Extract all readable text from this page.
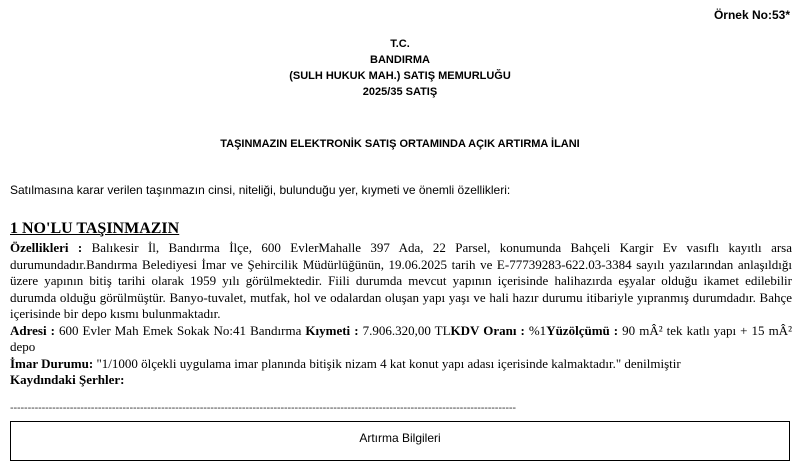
Örnek No:53*
T.C.
BANDIRMA
(SULH HUKUK MAH.) SATIŞ MEMURLUĞU
2025/35 SATIŞ
TAŞINMAZIN ELEKTRONİK SATIŞ ORTAMINDA AÇIK ARTIRMA İLANI
Satılmasına karar verilen taşınmazın cinsi, niteliği, bulunduğu yer, kıymeti ve önemli özellikleri:
1 NO'LU TAŞINMAZIN

Özellikleri : Balıkesir İl, Bandırma İlçe, 600 EvlerMahalle 397 Ada, 22 Parsel, konumunda Bahçeli Kargir Ev vasıflı kayıtlı arsa durumundadır.Bandırma Belediyesi İmar ve Şehircilik Müdürlüğünün, 19.06.2025 tarih ve E-77739283-622.03-3384 sayılı yazılarından anlaşıldığı üzere yapının bitiş tarihi olarak 1959 yılı görülmektedir. Fiili durumda mevcut yapının içerisinde halihazırda eşyalar olduğu ikamet edilebilir durumda olduğu görülmüştür. Banyo-tuvalet, mutfak, hol ve odalardan oluşan yapı yaşı ve hali hazır durumu itibariyle yıpranmış durumdadır. Bahçe içerisinde bir depo kısmı bulunmaktadır.

Adresi : 600 Evler Mah Emek Sokak No:41 Bandırma Kıymeti : 7.906.320,00 TLKDV Oranı : %1Yüzölçümü : 90 mÂ² tek katlı yapı + 15 mÂ² depo

İmar Durumu: "1/1000 ölçekli uygulama imar planında bitişik nizam 4 kat konut yapı adası içerisinde kalmaktadır." denilmiştir

Kaydındaki Şerhler:

------------------------------------------------------------------------------------------------------------------------------------------------
Artırma Bilgileri
